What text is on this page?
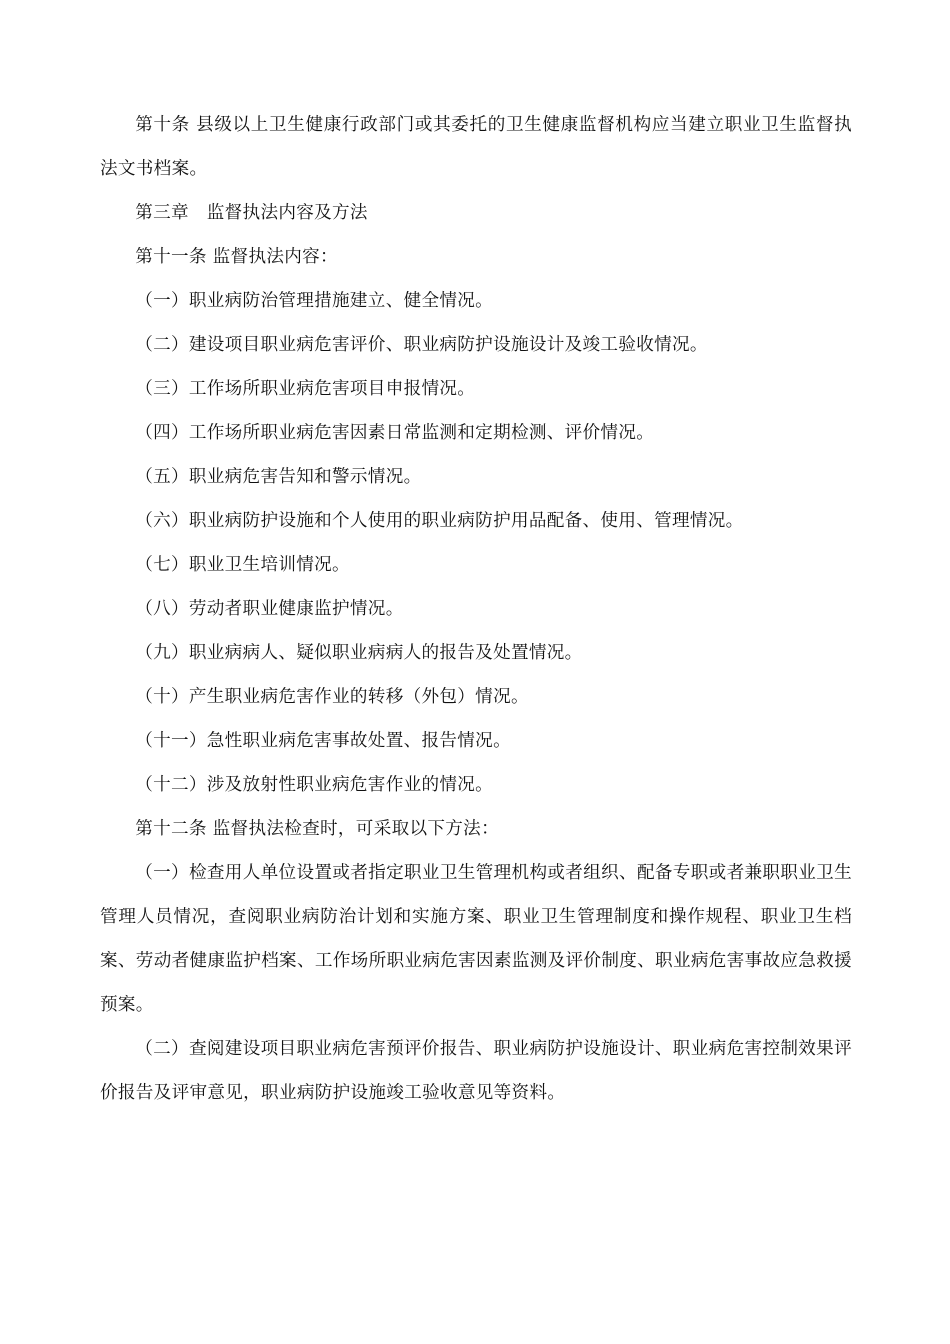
第十条 县级以上卫生健康行政部门或其委托的卫生健康监督机构应当建立职业卫生监督执法文书档案。

第三章　监督执法内容及方法

第十一条 监督执法内容：

（一）职业病防治管理措施建立、健全情况。

（二）建设项目职业病危害评价、职业病防护设施设计及竣工验收情况。

（三）工作场所职业病危害项目申报情况。

（四）工作场所职业病危害因素日常监测和定期检测、评价情况。

（五）职业病危害告知和警示情况。

（六）职业病防护设施和个人使用的职业病防护用品配备、使用、管理情况。

（七）职业卫生培训情况。

（八）劳动者职业健康监护情况。

（九）职业病病人、疑似职业病病人的报告及处置情况。

（十）产生职业病危害作业的转移（外包）情况。

（十一）急性职业病危害事故处置、报告情况。

（十二）涉及放射性职业病危害作业的情况。

第十二条 监督执法检查时，可采取以下方法：

（一）检查用人单位设置或者指定职业卫生管理机构或者组织、配备专职或者兼职职业卫生管理人员情况，查阅职业病防治计划和实施方案、职业卫生管理制度和操作规程、职业卫生档案、劳动者健康监护档案、工作场所职业病危害因素监测及评价制度、职业病危害事故应急救援预案。

（二）查阅建设项目职业病危害预评价报告、职业病防护设施设计、职业病危害控制效果评价报告及评审意见，职业病防护设施竣工验收意见等资料。
